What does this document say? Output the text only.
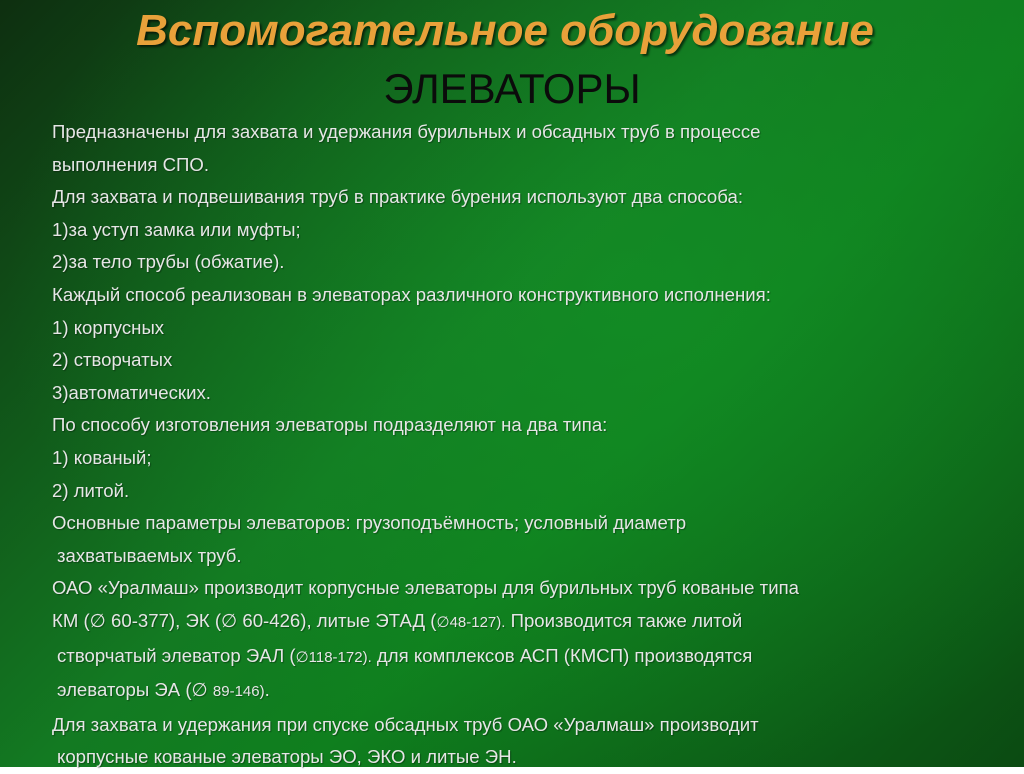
Вспомогательное оборудование
ЭЛЕВАТОРЫ
Предназначены для захвата и удержания бурильных и обсадных труб в процессе
выполнения СПО.
Для захвата и подвешивания труб в практике бурения используют два способа:
1)за уступ замка или муфты;
2)за тело трубы (обжатие).
Каждый способ реализован в элеваторах различного конструктивного исполнения:
1) корпусных
2) створчатых
3)автоматических.
По способу изготовления элеваторы подразделяют на два типа:
1) кованый;
2) литой.
Основные параметры элеваторов: грузоподъёмность; условный диаметр
захватываемых труб.
ОАО «Уралмаш» производит корпусные элеваторы для бурильных труб кованые типа
КМ (∅ 60-377), ЭК (∅ 60-426), литые ЭТАД (∅48-127). Производится также литой
створчатый элеватор ЭАЛ (∅118-172). для комплексов АСП (КМСП) производятся
элеваторы ЭА (∅ 89-146).
Для захвата и удержания при спуске обсадных труб ОАО «Уралмаш» производит
корпусные кованые элеваторы ЭО, ЭКО и литые ЭН.
